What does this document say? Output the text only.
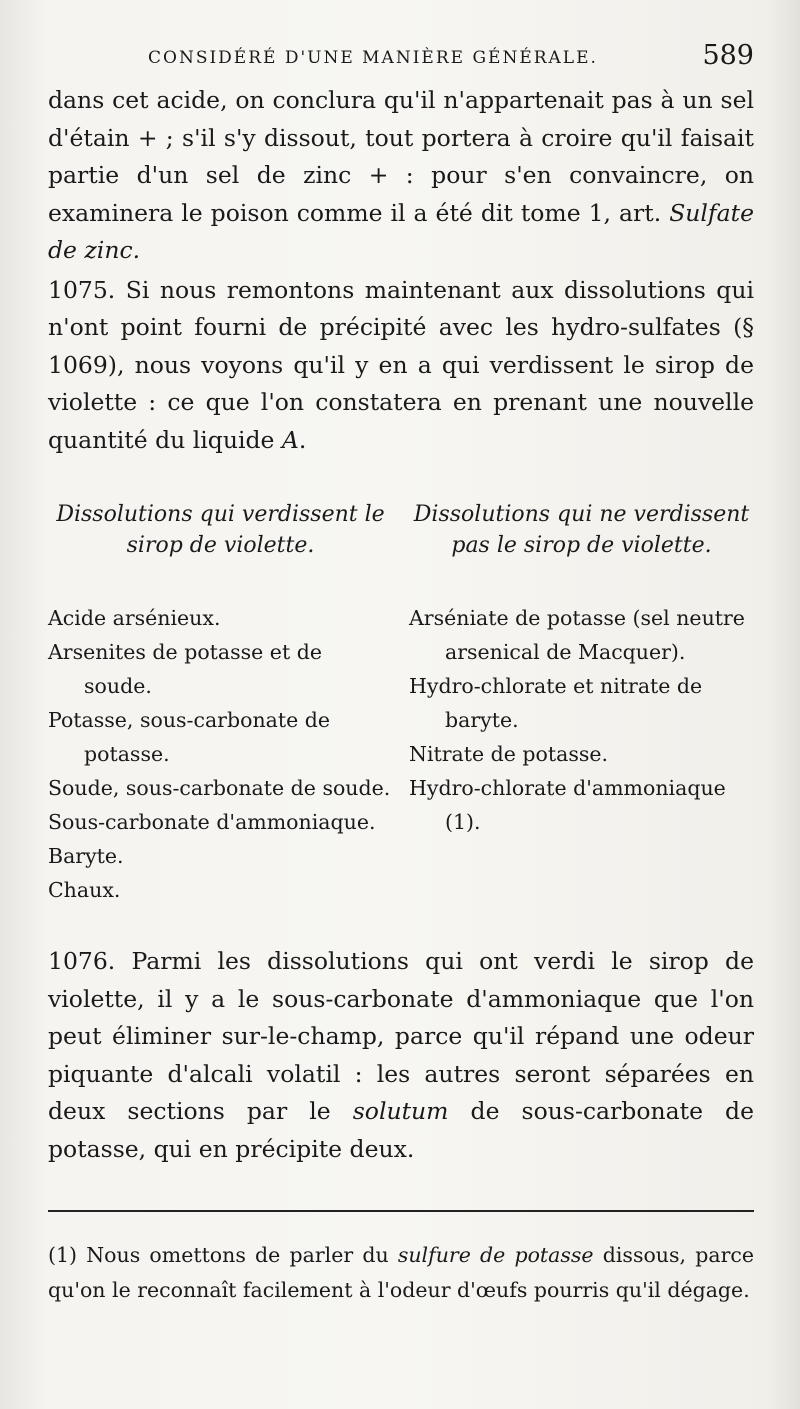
CONSIDÉRÉ D'UNE MANIÈRE GÉNÉRALE.	589

dans cet acide, on conclura qu'il n'appartenait pas à un sel d'étain + ; s'il s'y dissout, tout portera à croire qu'il faisait partie d'un sel de zinc + : pour s'en convaincre, on examinera le poison comme il a été dit tome 1, art. Sulfate de zinc.

1075. Si nous remontons maintenant aux dissolutions qui n'ont point fourni de précipité avec les hydro-sulfates (§ 1069), nous voyons qu'il y en a qui verdissent le sirop de violette : ce que l'on constatera en prenant une nouvelle quantité du liquide A.

Dissolutions qui verdissent le sirop de violette.
Acide arsénieux.
Arsenites de potasse et de soude.
Potasse, sous-carbonate de potasse.
Soude, sous-carbonate de soude.
Sous-carbonate d'ammoniaque.
Baryte.
Chaux.
Dissolutions qui ne verdissent pas le sirop de violette.
Arséniate de potasse (sel neutre arsenical de Macquer).
Hydro-chlorate et nitrate de baryte.
Nitrate de potasse.
Hydro-chlorate d'ammoniaque (1).

1076. Parmi les dissolutions qui ont verdi le sirop de violette, il y a le sous-carbonate d'ammoniaque que l'on peut éliminer sur-le-champ, parce qu'il répand une odeur piquante d'alcali volatil : les autres seront séparées en deux sections par le solutum de sous-carbonate de potasse, qui en précipite deux.

(1) Nous omettons de parler du sulfure de potasse dissous, parce qu'on le reconnaît facilement à l'odeur d'œufs pourris qu'il dégage.
